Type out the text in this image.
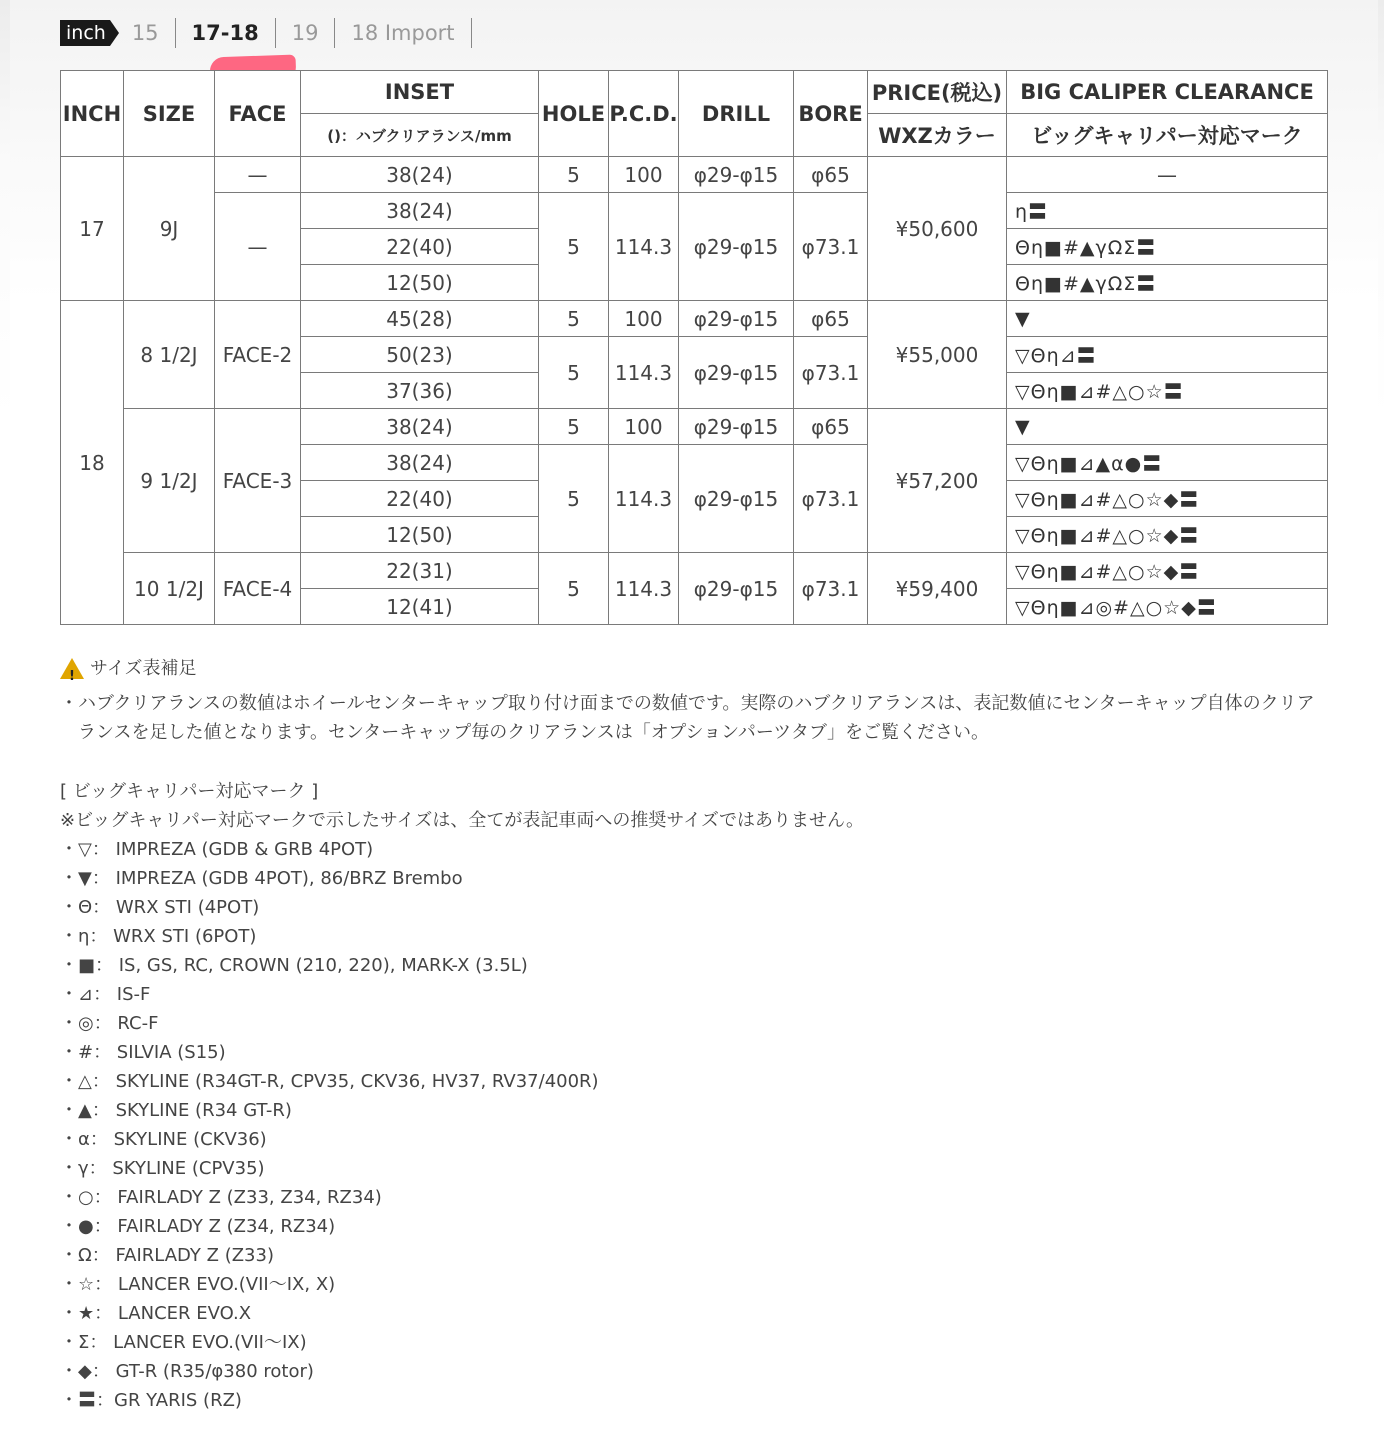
inch 15	17-18	19	18 Import
INCH	SIZE	FACE	INSET	HOLE	P.C.D.	DRILL	BORE	PRICE(税込)	BIG CALIPER CLEARANCE
			()：ハブクリアランス/mm					WXZカラー	ビッグキャリパー対応マーク
17	9J	—	38(24)	5	100	φ29-φ15	φ65	¥50,600	—
		—	38(24)	5	114.3	φ29-φ15	φ73.1		η〓
			22(40)						Θη■#▲γΩΣ〓
			12(50)						Θη■#▲γΩΣ〓
18	8 1/2J	FACE-2	45(28)	5	100	φ29-φ15	φ65	¥55,000	▼
			50(23)	5	114.3	φ29-φ15	φ73.1		▽Θη⊿〓
			37(36)						▽Θη■⊿#△○☆〓
	9 1/2J	FACE-3	38(24)	5	100	φ29-φ15	φ65	¥57,200	▼
			38(24)	5	114.3	φ29-φ15	φ73.1		▽Θη■⊿▲α●〓
			22(40)						▽Θη■⊿#△○☆◆〓
			12(50)						▽Θη■⊿#△○☆◆〓
	10 1/2J	FACE-4	22(31)	5	114.3	φ29-φ15	φ73.1	¥59,400	▽Θη■⊿#△○☆◆〓
			12(41)						▽Θη■⊿◎#△○☆◆〓
! サイズ表補足

・ハブクリアランスの数値はホイールセンターキャップ取り付け面までの数値です。実際のハブクリアランスは、表記数値にセンターキャップ自体のクリアランスを足した値となります。センターキャップ毎のクリアランスは「オプションパーツタブ」をご覧ください。

[ ビッグキャリパー対応マーク ]

※ビッグキャリパー対応マークで示したサイズは、全てが表記車両への推奨サイズではありません。

・▽： IMPREZA (GDB & GRB 4POT)
・▼： IMPREZA (GDB 4POT), 86/BRZ Brembo
・Θ： WRX STI (4POT)
・η： WRX STI (6POT)
・■： IS, GS, RC, CROWN (210, 220), MARK-X (3.5L)
・⊿： IS-F
・◎： RC-F
・#： SILVIA (S15)
・△： SKYLINE (R34GT-R, CPV35, CKV36, HV37, RV37/400R)
・▲： SKYLINE (R34 GT-R)
・α： SKYLINE (CKV36)
・γ： SKYLINE (CPV35)
・○： FAIRLADY Z (Z33, Z34, RZ34)
・●： FAIRLADY Z (Z34, RZ34)
・Ω： FAIRLADY Z (Z33)
・☆： LANCER EVO.(VII〜IX, X)
・★： LANCER EVO.X
・Σ： LANCER EVO.(VII〜IX)
・◆： GT-R (R35/φ380 rotor)
・〓：GR YARIS (RZ)
